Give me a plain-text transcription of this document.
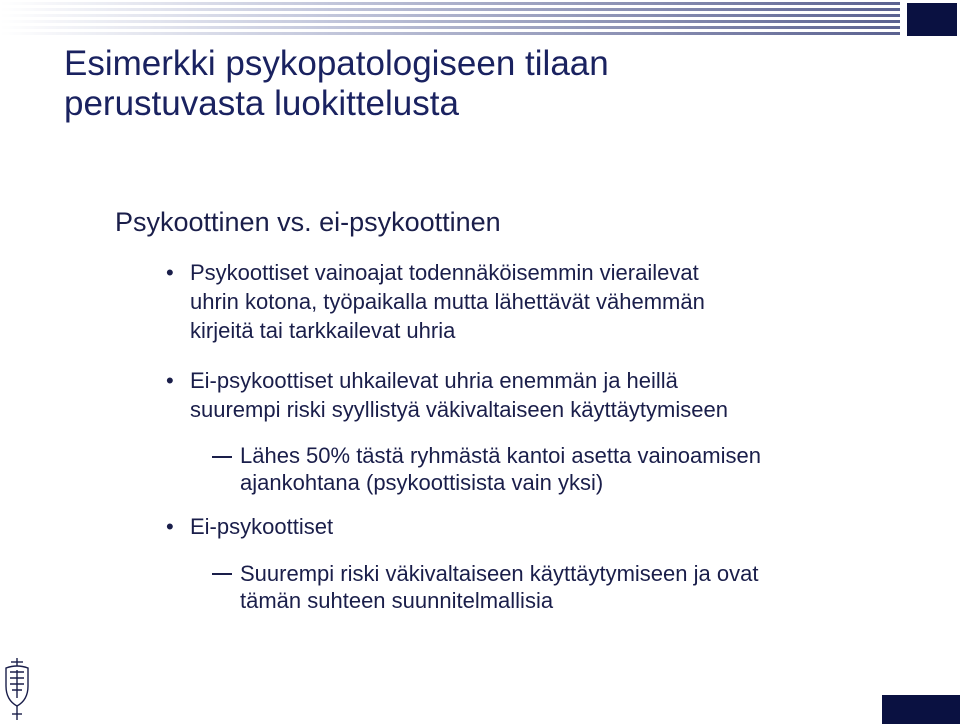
Esimerkki psykopatologiseen tilaan
perustuvasta luokittelusta
Psykoottinen vs. ei-psykoottinen
• Psykoottiset vainoajat todennäköisemmin vierailevat
uhrin kotona, työpaikalla mutta lähettävät vähemmän
kirjeitä tai tarkkailevat uhria
• Ei-psykoottiset uhkailevat uhria enemmän ja heillä
suurempi riski syyllistyä väkivaltaiseen käyttäytymiseen
Lähes 50% tästä ryhmästä kantoi asetta vainoamisen
ajankohtana (psykoottisista vain yksi)
• Ei-psykoottiset
Suurempi riski väkivaltaiseen käyttäytymiseen ja ovat
tämän suhteen suunnitelmallisia
